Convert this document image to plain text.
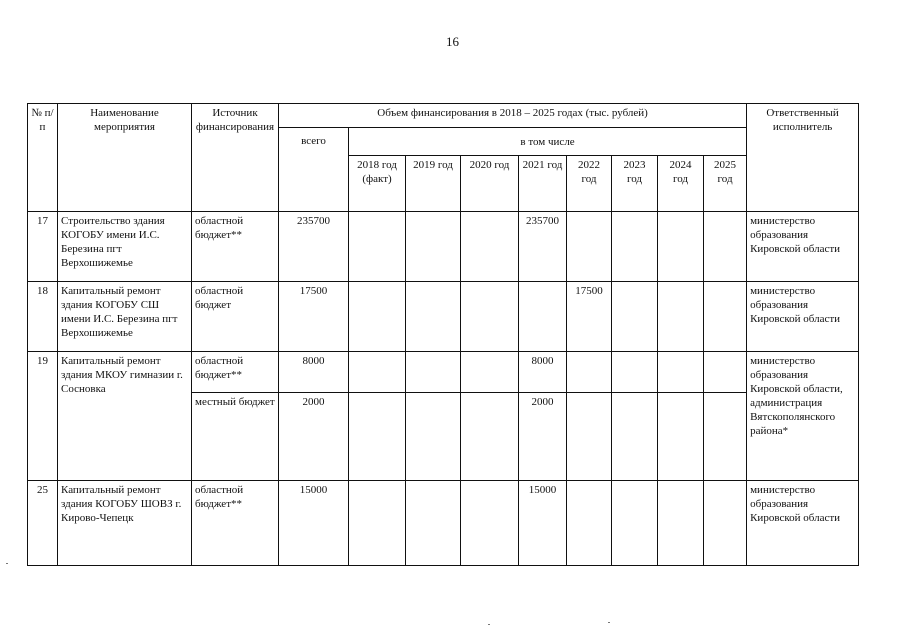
16
№ п/п	Наименование мероприятия	Источник финансирования	Объем финансирования в 2018 – 2025 годах (тыс. рублей)									Ответственный исполнитель
			всего	в том числе								
				2018 год (факт)	2019 год	2020 год	2021 год	2022 год	2023 год	2024 год	2025 год	
17	Строительство здания КОГОБУ имени И.С. Березина пгт Верхошижемье	областной бюджет**	235700				235700					министерство образования Кировской области
18	Капитальный ремонт здания КОГОБУ СШ имени И.С. Березина пгт Верхошижемье	областной бюджет	17500					17500				министерство образования Кировской области
19	Капитальный ремонт здания МКОУ гимназии г. Сосновка	областной бюджет**	8000				8000					министерство образования Кировской области, администрация Вятскополянского района*
		местный бюджет	2000				2000					
25	Капитальный ремонт здания КОГОБУ ШОВЗ г. Кирово-Чепецк	областной бюджет**	15000				15000					министерство образования Кировской области
